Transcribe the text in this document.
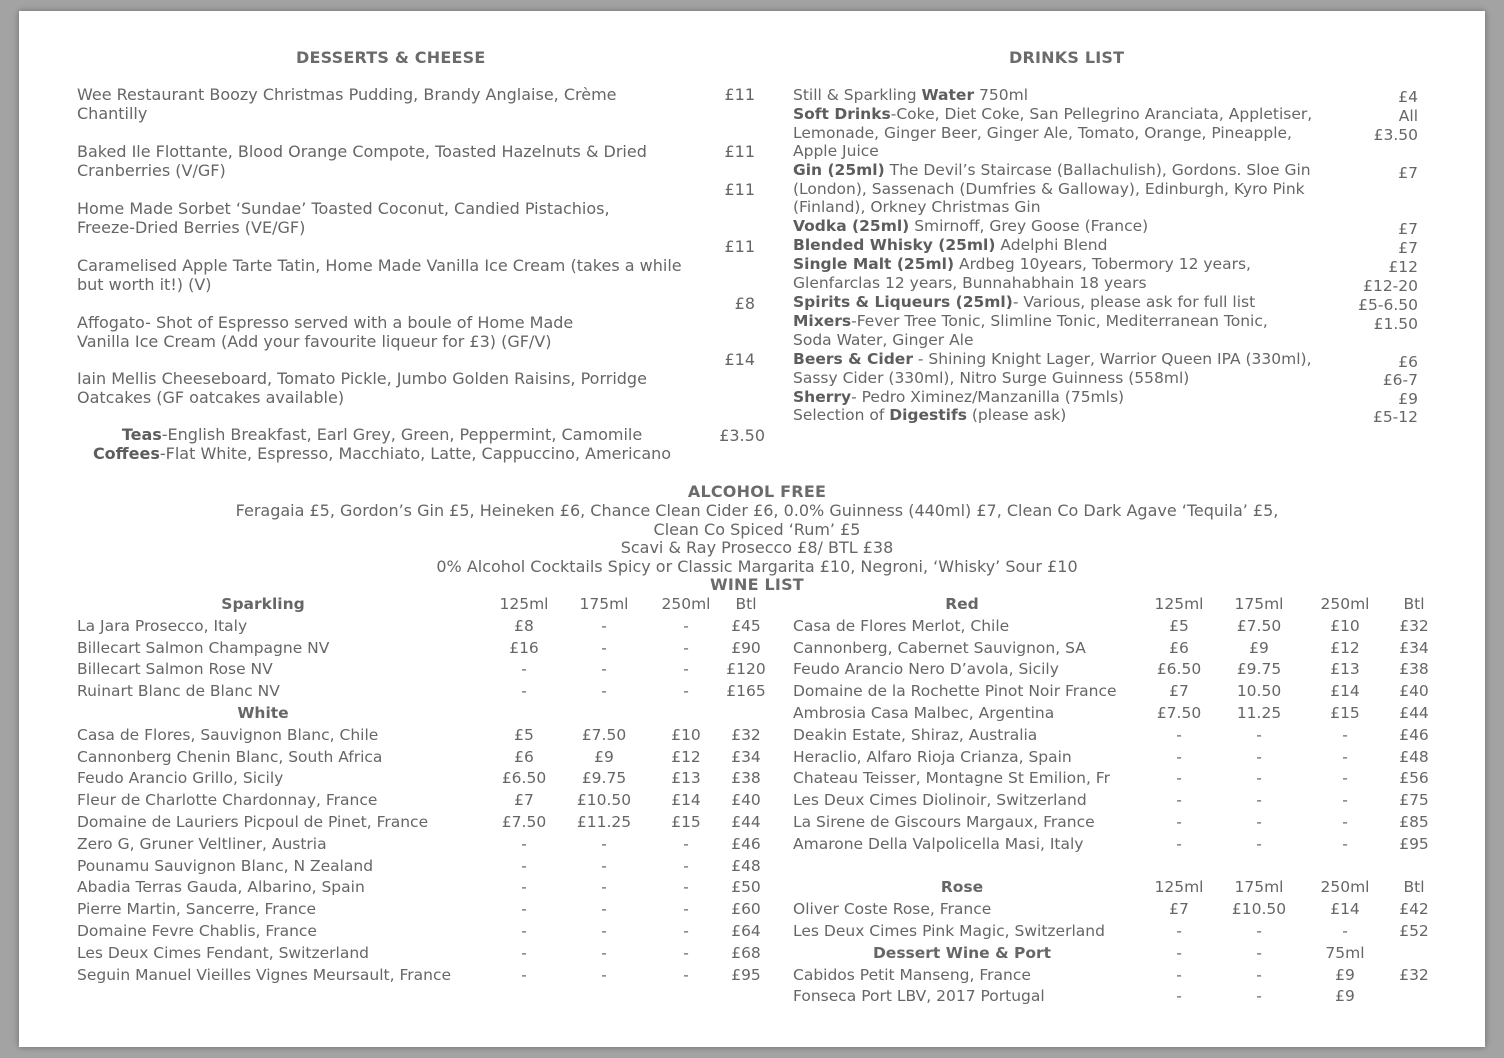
DESSERTS & CHEESE
Wee Restaurant Boozy Christmas Pudding, Brandy Anglaise, Crème
Chantilly
£11
Baked Ile Flottante, Blood Orange Compote, Toasted Hazelnuts & Dried
Cranberries (V/GF)
£11
Home Made Sorbet ‘Sundae’ Toasted Coconut, Candied Pistachios,
Freeze-Dried Berries (VE/GF)
£11
Caramelised Apple Tarte Tatin, Home Made Vanilla Ice Cream (takes a while
but worth it!) (V)
£11
Affogato- Shot of Espresso served with a boule of Home Made
Vanilla Ice Cream (Add your favourite liqueur for £3) (GF/V)
£8
Iain Mellis Cheeseboard, Tomato Pickle, Jumbo Golden Raisins, Porridge
Oatcakes (GF oatcakes available)
£14
Teas-English Breakfast, Earl Grey, Green, Peppermint, Camomile
Coffees-Flat White, Espresso, Macchiato, Latte, Cappuccino, Americano
£3.50
DRINKS LIST
Still & Sparkling Water 750ml	£4
Soft Drinks-Coke, Diet Coke, San Pellegrino Aranciata, Appletiser,
Lemonade, Ginger Beer, Ginger Ale, Tomato, Orange, Pineapple,
Apple Juice
All
£3.50
Gin (25ml) The Devil’s Staircase (Ballachulish), Gordons. Sloe Gin
(London), Sassenach (Dumfries & Galloway), Edinburgh, Kyro Pink
(Finland), Orkney Christmas Gin
£7
Vodka (25ml) Smirnoff, Grey Goose (France)	£7
Blended Whisky (25ml) Adelphi Blend	£7
Single Malt (25ml) Ardbeg 10years, Tobermory 12 years,
Glenfarclas 12 years, Bunnahabhain 18 years
£12
£12-20
Spirits & Liqueurs (25ml)- Various, please ask for full list	£5-6.50
Mixers-Fever Tree Tonic, Slimline Tonic, Mediterranean Tonic,
Soda Water, Ginger Ale
£1.50
Beers & Cider - Shining Knight Lager, Warrior Queen IPA (330ml),
Sassy Cider (330ml), Nitro Surge Guinness (558ml)
£6
£6-7
Sherry- Pedro Ximinez/Manzanilla (75mls)	£9
Selection of Digestifs (please ask)	£5-12
ALCOHOL FREE
Feragaia £5, Gordon’s Gin £5, Heineken £6, Chance Clean Cider £6, 0.0% Guinness (440ml) £7, Clean Co Dark Agave ‘Tequila’ £5,
Clean Co Spiced ‘Rum’ £5
Scavi & Ray Prosecco £8/ BTL £38
0% Alcohol Cocktails Spicy or Classic Margarita £10, Negroni, ‘Whisky’ Sour £10
WINE LIST
Sparkling	125ml	175ml	250ml	Btl
La Jara Prosecco, Italy	£8	-	-	£45
Billecart Salmon Champagne NV	£16	-	-	£90
Billecart Salmon Rose NV	-	-	-	£120
Ruinart Blanc de Blanc NV	-	-	-	£165
White
Casa de Flores, Sauvignon Blanc, Chile	£5	£7.50	£10	£32
Cannonberg Chenin Blanc, South Africa	£6	£9	£12	£34
Feudo Arancio Grillo, Sicily	£6.50	£9.75	£13	£38
Fleur de Charlotte Chardonnay, France	£7	£10.50	£14	£40
Domaine de Lauriers Picpoul de Pinet, France	£7.50	£11.25	£15	£44
Zero G, Gruner Veltliner, Austria	-	-	-	£46
Pounamu Sauvignon Blanc, N Zealand	-	-	-	£48
Abadia Terras Gauda, Albarino, Spain	-	-	-	£50
Pierre Martin, Sancerre, France	-	-	-	£60
Domaine Fevre Chablis, France	-	-	-	£64
Les Deux Cimes Fendant, Switzerland	-	-	-	£68
Seguin Manuel Vieilles Vignes Meursault, France	-	-	-	£95
Red	125ml	175ml	250ml	Btl
Casa de Flores Merlot, Chile	£5	£7.50	£10	£32
Cannonberg, Cabernet Sauvignon, SA	£6	£9	£12	£34
Feudo Arancio Nero D’avola, Sicily	£6.50	£9.75	£13	£38
Domaine de la Rochette Pinot Noir France	£7	10.50	£14	£40
Ambrosia Casa Malbec, Argentina	£7.50	11.25	£15	£44
Deakin Estate, Shiraz, Australia	-	-	-	£46
Heraclio, Alfaro Rioja Crianza, Spain	-	-	-	£48
Chateau Teisser, Montagne St Emilion, Fr	-	-	-	£56
Les Deux Cimes Diolinoir, Switzerland	-	-	-	£75
La Sirene de Giscours Margaux, France	-	-	-	£85
Amarone Della Valpolicella Masi, Italy	-	-	-	£95
Rose	125ml	175ml	250ml	Btl
Oliver Coste Rose, France	£7	£10.50	£14	£42
Les Deux Cimes Pink Magic, Switzerland	-	-	-	£52
Dessert Wine & Port	-	-	75ml
Cabidos Petit Manseng, France	-	-	£9	£32
Fonseca Port LBV, 2017 Portugal	-	-	£9
